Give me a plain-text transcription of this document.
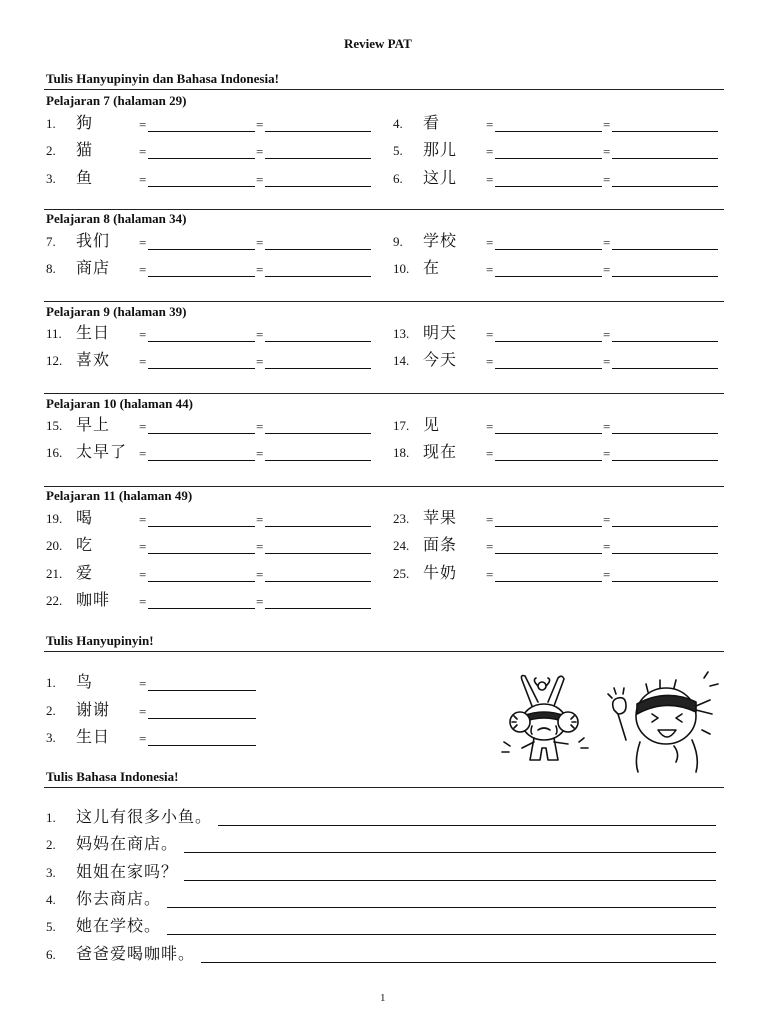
Review PAT
Tulis Hanyupinyin dan Bahasa Indonesia!
Pelajaran 7 (halaman 29)
1. 狗	=	=	4. 看	=	=
2. 猫	=	=	5. 那儿 =	=
3. 鱼	=	=	6. 这儿 =	=
Pelajaran 8 (halaman 34)
7. 我们 =	=	9. 学校 =	=
8. 商店 =	=	10. 在	=	=
Pelajaran 9 (halaman 39)
11. 生日 =	=	13. 明天 =	=
12. 喜欢 =	=	14. 今天 =	=
Pelajaran 10 (halaman 44)
15. 早上 =	=	17. 见	=	=
16. 太早了 =	=	18. 现在 =	=
Pelajaran 11 (halaman 49)
19. 喝	=	=	23. 苹果 =	=
20. 吃	=	=	24. 面条 =	=
21. 爱	=	=	25. 牛奶 =	=
22. 咖啡 =	=
Tulis Hanyupinyin!
1. 鸟	=
2. 谢谢 =
3. 生日 =
Tulis Bahasa Indonesia!
1. 这儿有很多小鱼。
2. 妈妈在商店。
3. 姐姐在家吗？
4. 你去商店。
5. 她在学校。
6. 爸爸爱喝咖啡。
1
